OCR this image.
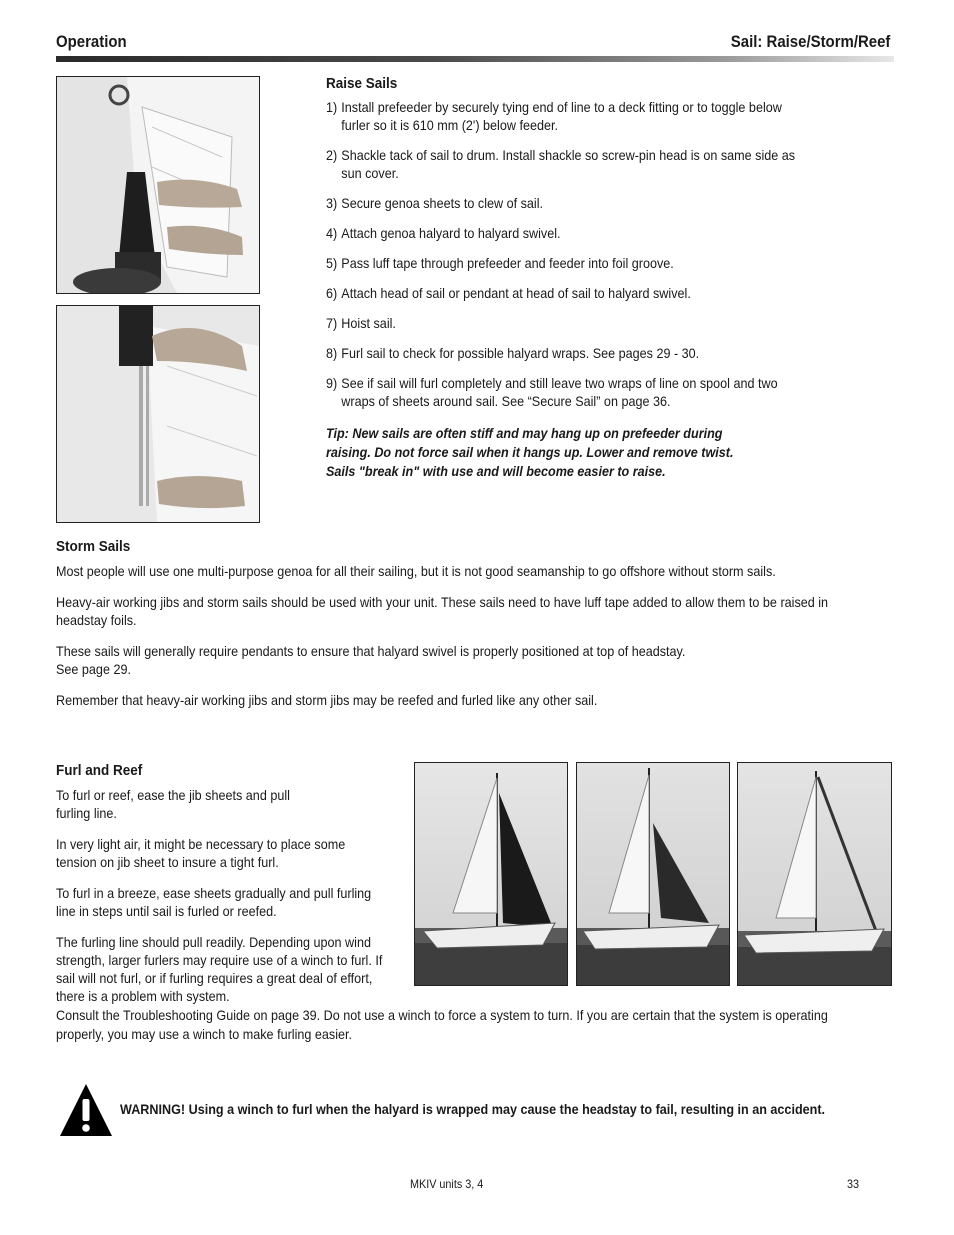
Operation	Sail: Raise/Storm/Reef
Raise Sails
1) Install prefeeder by securely tying end of line to a deck fitting or to toggle below furler so it is 610 mm (2') below feeder.
2) Shackle tack of sail to drum. Install shackle so screw-pin head is on same side as sun cover.
3) Secure genoa sheets to clew of sail.
4) Attach genoa halyard to halyard swivel.
5) Pass luff tape through prefeeder and feeder into foil groove.
6) Attach head of sail or pendant at head of sail to halyard swivel.
7) Hoist sail.
8) Furl sail to check for possible halyard wraps. See pages 29 - 30.
9) See if sail will furl completely and still leave two wraps of line on spool and two wraps of sheets around sail. See “Secure Sail” on page 36.
Tip: New sails are often stiff and may hang up on prefeeder during raising. Do not force sail when it hangs up. Lower and remove twist. Sails "break in" with use and will become easier to raise.
Storm Sails

Most people will use one multi-purpose genoa for all their sailing, but it is not good seamanship to go offshore without storm sails.

Heavy-air working jibs and storm sails should be used with your unit. These sails need to have luff tape added to allow them to be raised in headstay foils.

These sails will generally require pendants to ensure that halyard swivel is properly positioned at top of headstay.
See page 29.

Remember that heavy-air working jibs and storm jibs may be reefed and furled like any other sail.

Furl and Reef

To furl or reef, ease the jib sheets and pull furling line.

In very light air, it might be necessary to place some tension on jib sheet to insure a tight furl.

To furl in a breeze, ease sheets gradually and pull furling line in steps until sail is furled or reefed.

The furling line should pull readily. Depending upon wind strength, larger furlers may require use of a winch to furl. If sail will not furl, or if furling requires a great deal of effort, there is a problem with system.

Consult the Troubleshooting Guide on page 39. Do not use a winch to force a system to turn. If you are certain that the system is operating properly, you may use a winch to make furling easier.
WARNING! Using a winch to furl when the halyard is wrapped may cause the headstay to fail, resulting in an accident.
MKIV units 3, 4	33
